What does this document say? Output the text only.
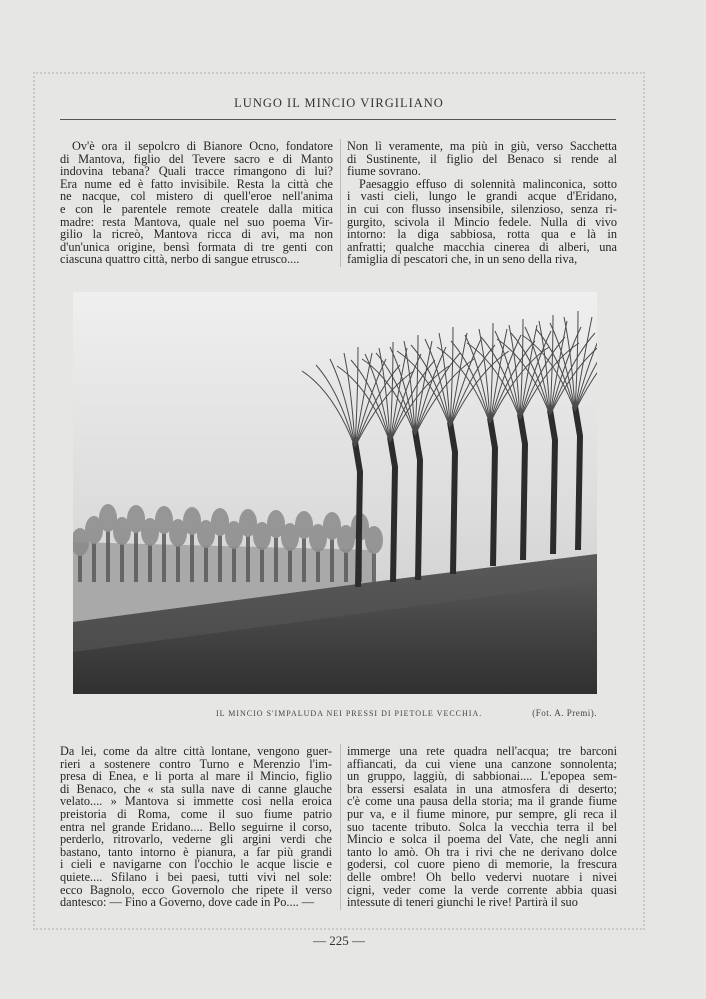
LUNGO IL MINCIO VIRGILIANO
Ov'è ora il sepolcro di Bianore Ocno, fondatore
di Mantova, figlio del Tevere sacro e di Manto
indovina tebana? Quali tracce rimangono di lui?
Era nume ed è fatto invisibile. Resta la città che
ne nacque, col mistero di quell'eroe nell'anima
e con le parentele remote createle dalla mitica
madre: resta Mantova, quale nel suo poema Vir-
gilio la ricreò, Mantova ricca di avi, ma non
d'un'unica origine, bensì formata di tre genti con
ciascuna quattro città, nerbo di sangue etrusco....
Non lì veramente, ma più in giù, verso Sacchetta
di Sustinente, il figlio del Benaco si rende al
fiume sovrano.
Paesaggio effuso di solennità malinconica, sotto
i vasti cieli, lungo le grandi acque d'Eridano,
in cui con flusso insensibile, silenzioso, senza ri-
gurgito, scivola il Mincio fedele. Nulla di vivo
intorno: la diga sabbiosa, rotta qua e là in
anfratti; qualche macchia cinerea di alberi, una
famiglia di pescatori che, in un seno della riva,
IL MINCIO S'IMPALUDA NEI PRESSI DI PIETOLE VECCHIA.	(Fot. A. Premi).
Da lei, come da altre città lontane, vengono guer-
rieri a sostenere contro Turno e Merenzio l'im-
presa di Enea, e li porta al mare il Mincio, figlio
di Benaco, che « sta sulla nave di canne glauche
velato.... » Mantova si immette così nella eroica
preistoria di Roma, come il suo fiume patrio
entra nel grande Eridano.... Bello seguirne il corso,
perderlo, ritrovarlo, vederne gli argini verdi che
bastano, tanto intorno è pianura, a far più grandi
i cieli e navigarne con l'occhio le acque liscie e
quiete.... Sfilano i bei paesi, tutti vivi nel sole:
ecco Bagnolo, ecco Governolo che ripete il verso
dantesco: — Fino a Governo, dove cade in Po.... —
immerge una rete quadra nell'acqua; tre barconi
affiancati, da cui viene una canzone sonnolenta;
un gruppo, laggiù, di sabbionai.... L'epopea sem-
bra essersi esalata in una atmosfera di deserto;
c'è come una pausa della storia; ma il grande fiume
pur va, e il fiume minore, pur sempre, gli reca il
suo tacente tributo. Solca la vecchia terra il bel
Mincio e solca il poema del Vate, che negli anni
tanto lo amò. Oh tra i rivi che ne derivano dolce
godersi, col cuore pieno di memorie, la frescura
delle ombre! Oh bello vedervi nuotare i nivei
cigni, veder come la verde corrente abbia quasi
intessute di teneri giunchi le rive! Partirà il suo
— 225 —
